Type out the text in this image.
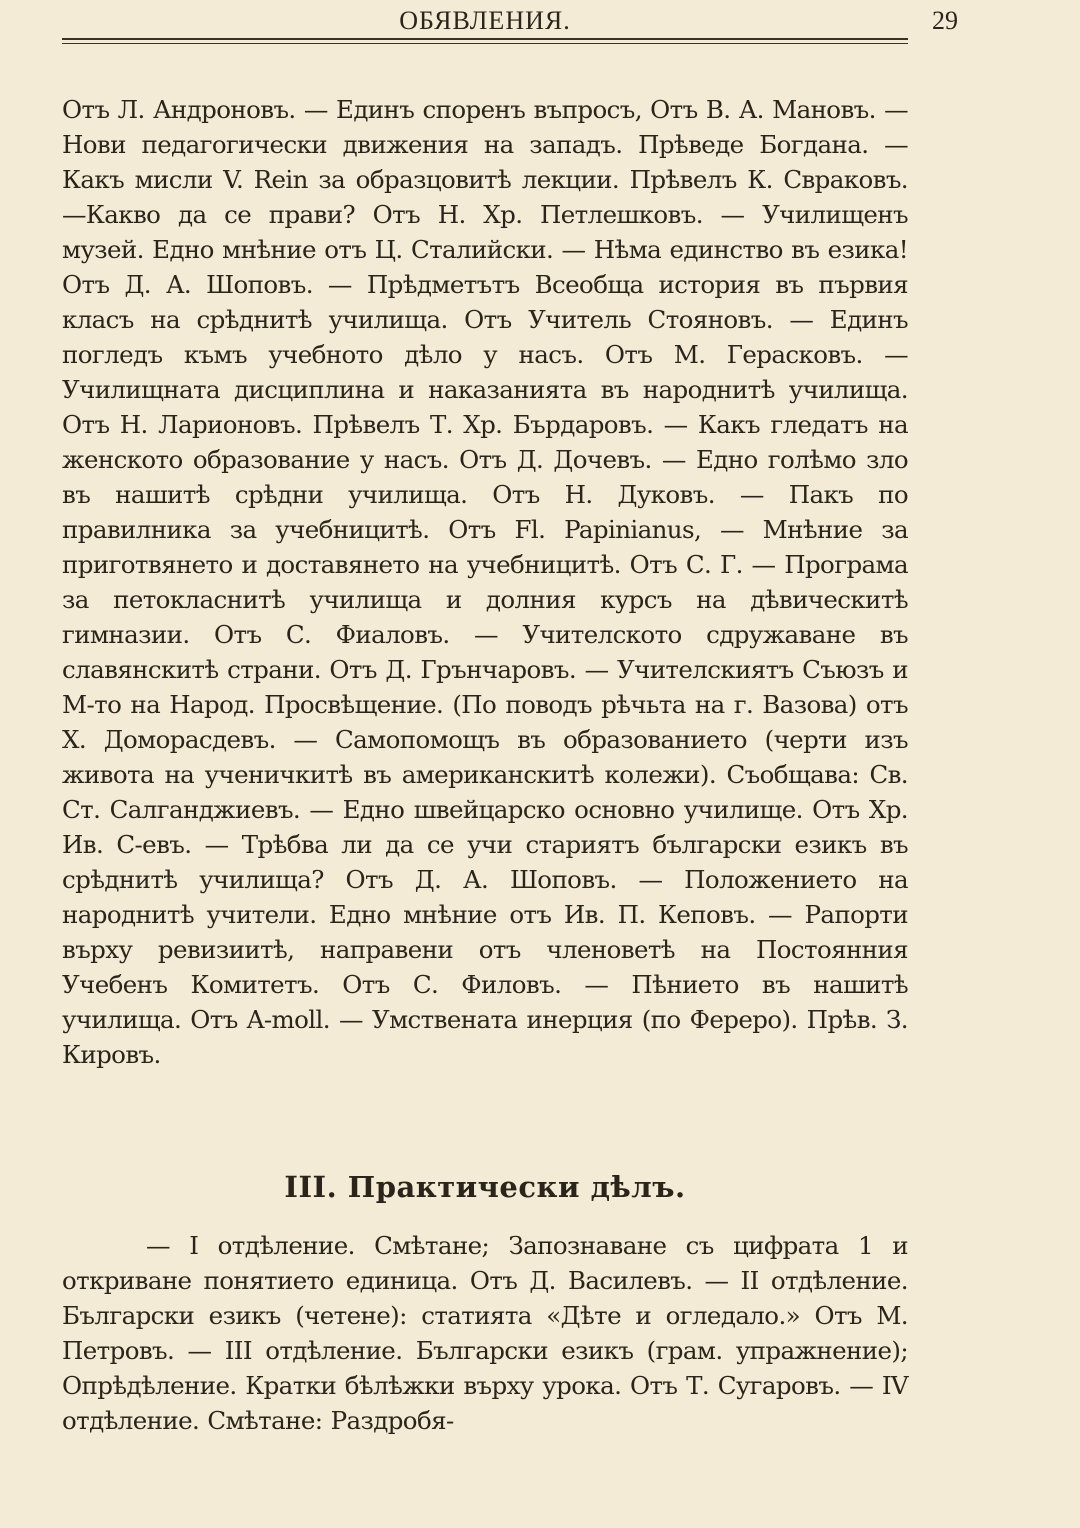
ОБЯВЛЕНИЯ.	29

Отъ Л. Андроновъ. — Единъ споренъ въпросъ, Отъ В. А. Мановъ. — Нови педагогически движения на западъ. Прѣведе Богдана. — Какъ мисли V. Rein за образцовитѣ лекции. Прѣвелъ К. Свраковъ.—Какво да се прави? Отъ Н. Хр. Петлешковъ. — Училищенъ музей. Едно мнѣние отъ Ц. Сталийски. — Нѣма единство въ езика! Отъ Д. А. Шоповъ. — Прѣдметътъ Всеобща история въ първия класъ на срѣднитѣ училища. Отъ Учитель Стояновъ. — Единъ погледъ къмъ учебното дѣло у насъ. Отъ М. Герасковъ. — Училищната дисциплина и наказанията въ народнитѣ училища. Отъ Н. Ларионовъ. Прѣвелъ Т. Хр. Бърдаровъ. — Какъ гледатъ на женското образование у насъ. Отъ Д. Дочевъ. — Едно голѣмо зло въ нашитѣ срѣдни училища. Отъ Н. Дуковъ. — Пакъ по правилника за учебницитѣ. Отъ Fl. Papinianus, — Мнѣние за приготвянето и доставянето на учебницитѣ. Отъ С. Г. — Програма за петокласнитѣ училища и долния курсъ на дѣвическитѣ гимназии. Отъ С. Фиаловъ. — Учителското сдружаване въ славянскитѣ страни. Отъ Д. Грънчаровъ. — Учителскиятъ Съюзъ и М-то на Народ. Просвѣщение. (По поводъ рѣчьта на г. Вазова) отъ Х. Доморасдевъ. — Самопомощъ въ образованието (черти изъ живота на ученичкитѣ въ американскитѣ колежи). Съобщава: Св. Ст. Салганджиевъ. — Едно швейцарско основно училище. Отъ Хр. Ив. С-евъ. — Трѣбва ли да се учи стариятъ български езикъ въ срѣднитѣ училища? Отъ Д. А. Шоповъ. — Положението на народнитѣ учители. Едно мнѣние отъ Ив. П. Кеповъ. — Рапорти върху ревизиитѣ, направени отъ членоветѣ на Постоянния Учебенъ Комитетъ. Отъ С. Филовъ. — Пѣнието въ нашитѣ училища. Отъ A-moll. — Умствената инерция (по Фереро). Прѣв. З. Кировъ.

III. Практически дѣлъ.

— I отдѣление. Смѣтане; Запознаване съ цифрата 1 и откриване понятието единица. Отъ Д. Василевъ. — II отдѣление. Български езикъ (четене): статията «Дѣте и огледало.» Отъ М. Петровъ. — III отдѣление. Български езикъ (грам. упражнение); Опрѣдѣление. Кратки бѣлѣжки върху урока. Отъ Т. Сугаровъ. — IV отдѣление. Смѣтане: Раздробя-
